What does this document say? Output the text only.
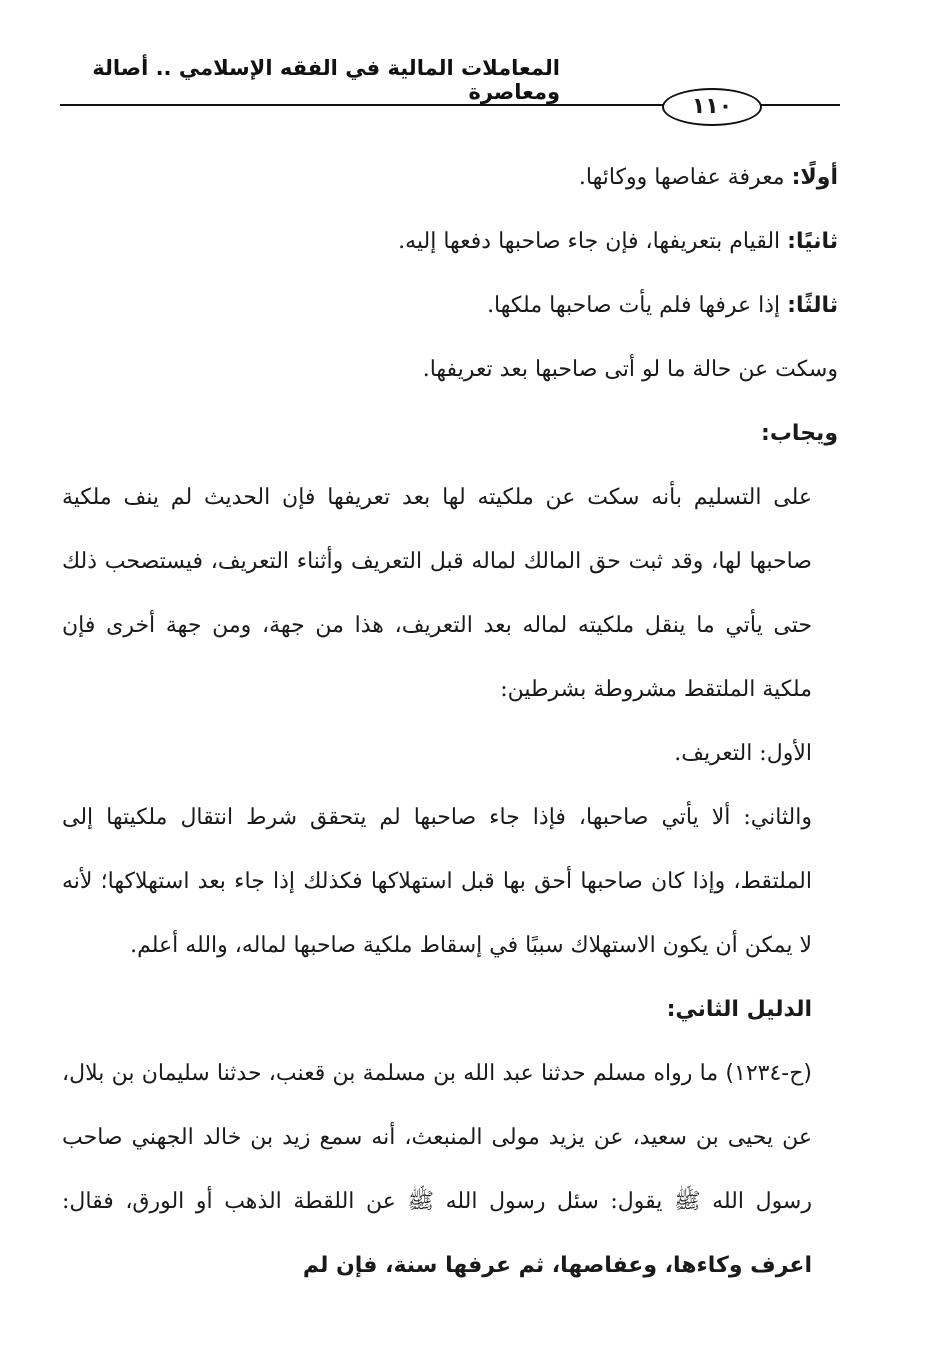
المعاملات المالية في الفقه الإسلامي .. أصالة ومعاصرة
١١٠
أولًا: معرفة عفاصها ووكائها.
ثانيًا: القيام بتعريفها، فإن جاء صاحبها دفعها إليه.
ثالثًا: إذا عرفها فلم يأت صاحبها ملكها.
وسكت عن حالة ما لو أتى صاحبها بعد تعريفها.
ويجاب:
على التسليم بأنه سكت عن ملكيته لها بعد تعريفها فإن الحديث لم ينف ملكية صاحبها لها، وقد ثبت حق المالك لماله قبل التعريف وأثناء التعريف، فيستصحب ذلك حتى يأتي ما ينقل ملكيته لماله بعد التعريف، هذا من جهة، ومن جهة أخرى فإن ملكية الملتقط مشروطة بشرطين:
الأول: التعريف.
والثاني: ألا يأتي صاحبها، فإذا جاء صاحبها لم يتحقق شرط انتقال ملكيتها إلى الملتقط، وإذا كان صاحبها أحق بها قبل استهلاكها فكذلك إذا جاء بعد استهلاكها؛ لأنه لا يمكن أن يكون الاستهلاك سببًا في إسقاط ملكية صاحبها لماله، والله أعلم.
الدليل الثاني:
(ح-١٢٣٤) ما رواه مسلم حدثنا عبد الله بن مسلمة بن قعنب، حدثنا سليمان بن بلال، عن يحيى بن سعيد، عن يزيد مولى المنبعث، أنه سمع زيد بن خالد الجهني صاحب رسول الله ﷺ يقول: سئل رسول الله ﷺ عن اللقطة الذهب أو الورق، فقال: اعرف وكاءها، وعفاصها، ثم عرفها سنة، فإن لم
